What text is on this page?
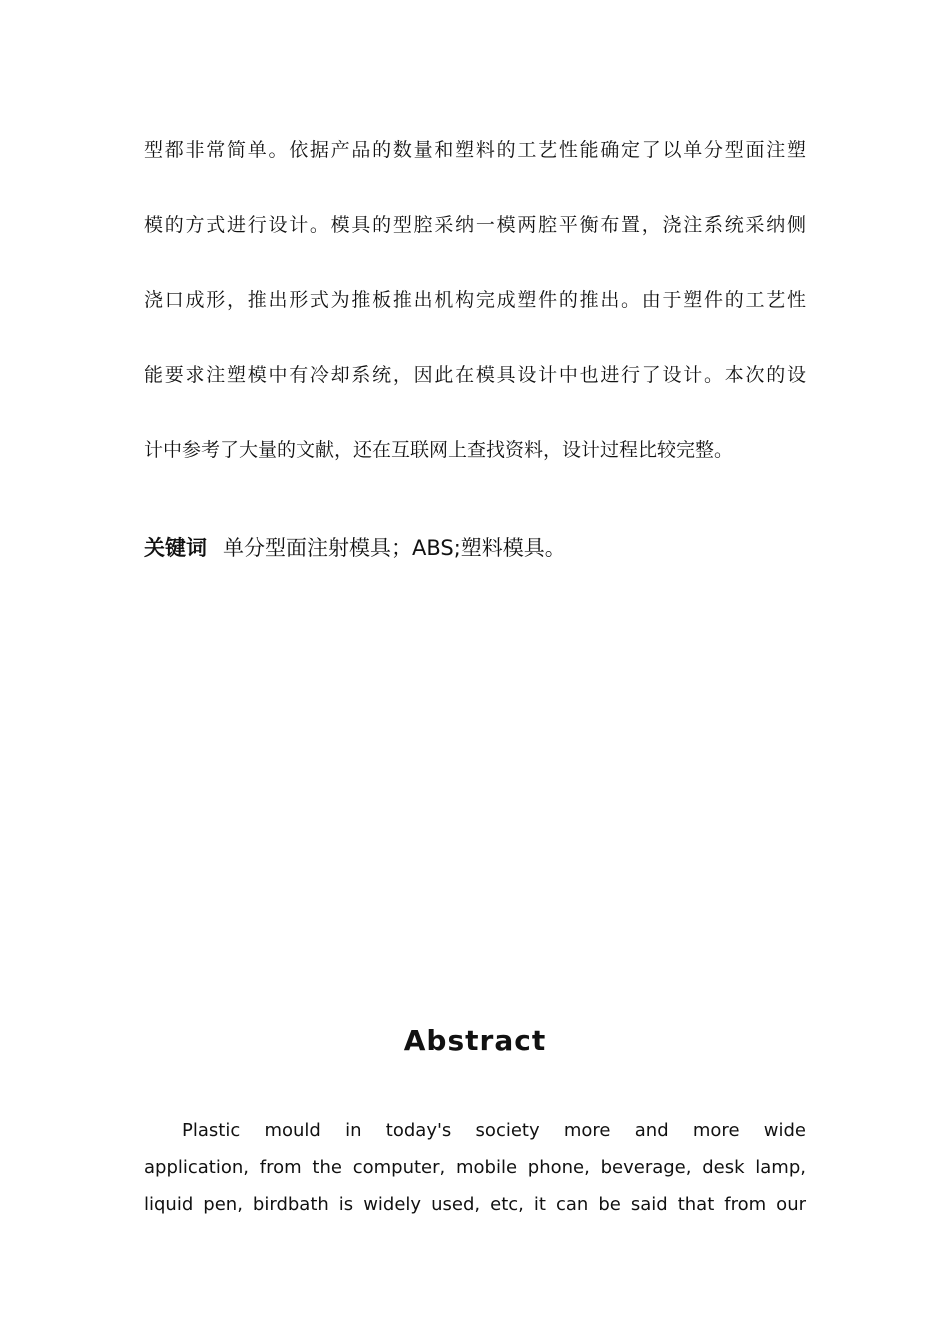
型都非常简单。依据产品的数量和塑料的工艺性能确定了以单分型面注塑
模的方式进行设计。模具的型腔采纳一模两腔平衡布置，浇注系统采纳侧
浇口成形，推出形式为推板推出机构完成塑件的推出。由于塑件的工艺性
能要求注塑模中有冷却系统，因此在模具设计中也进行了设计。本次的设
计中参考了大量的文献，还在互联网上查找资料，设计过程比较完整。
关键词 单分型面注射模具；ABS;塑料模具。
Abstract
Plastic mould in today's society more and more wide
application, from the computer, mobile phone, beverage, desk lamp,
liquid pen, birdbath is widely used, etc, it can be said that from our
